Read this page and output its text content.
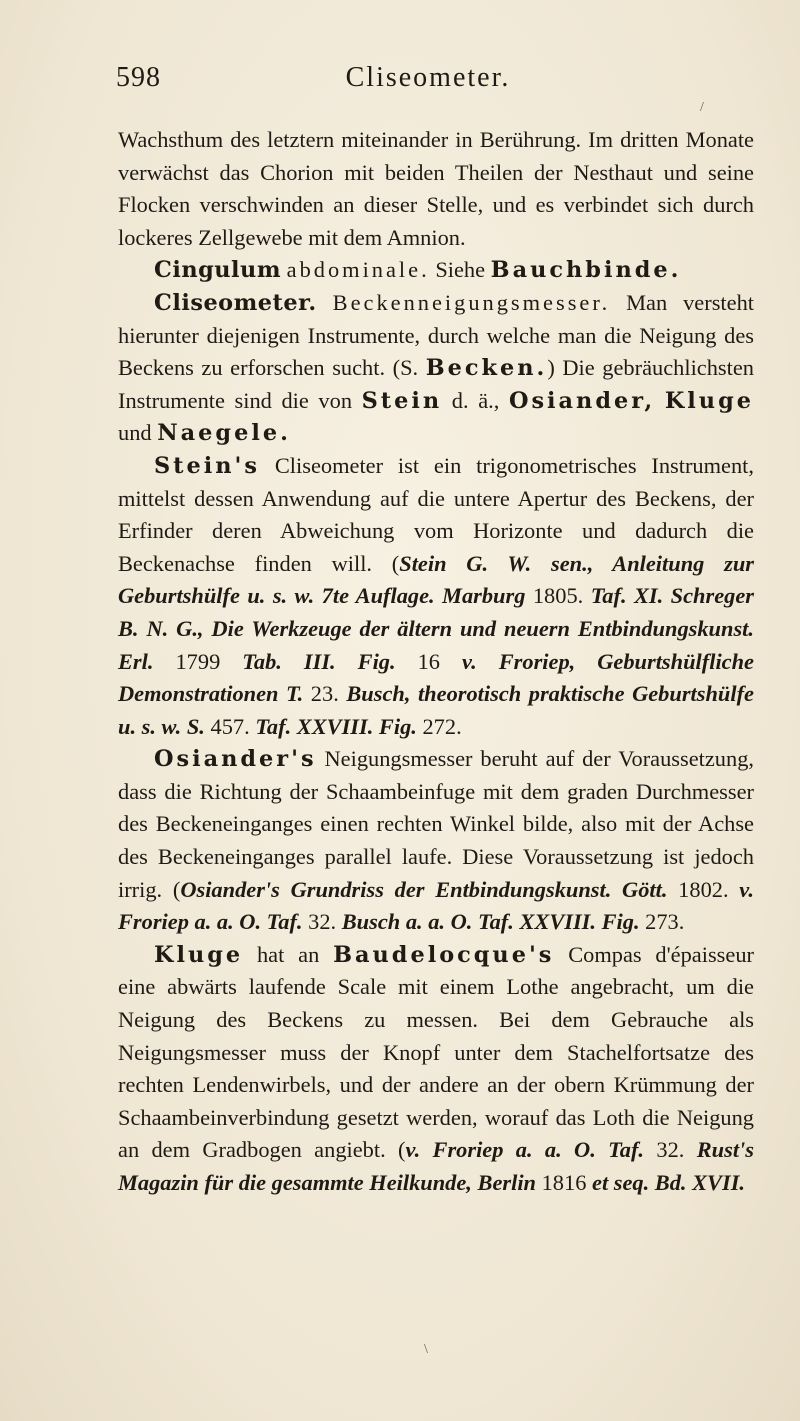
598	Cliseometer.
/
\

Wachsthum des letztern miteinander in Berührung. Im dritten Monate verwächst das Chorion mit beiden Theilen der Nesthaut und seine Flocken verschwinden an dieser Stelle, und es verbindet sich durch lockeres Zellgewebe mit dem Amnion.

Cingulum abdominale. Siehe Bauchbinde.

Cliseometer. Beckenneigungsmesser. Man versteht hierunter diejenigen Instrumente, durch welche man die Neigung des Beckens zu erforschen sucht. (S. Becken.) Die gebräuchlichsten Instrumente sind die von Stein d. ä., Osiander, Kluge und Naegele.

Stein's Cliseometer ist ein trigonometrisches Instrument, mittelst dessen Anwendung auf die untere Apertur des Beckens, der Erfinder deren Abweichung vom Horizonte und dadurch die Beckenachse finden will. (Stein G. W. sen., Anleitung zur Geburtshülfe u. s. w. 7te Auflage. Marburg 1805. Taf. XI. Schreger B. N. G., Die Werkzeuge der ältern und neuern Entbindungskunst. Erl. 1799 Tab. III. Fig. 16 v. Froriep, Geburtshülfliche Demonstrationen T. 23. Busch, theorotisch praktische Geburtshülfe u. s. w. S. 457. Taf. XXVIII. Fig. 272.

Osiander's Neigungsmesser beruht auf der Voraussetzung, dass die Richtung der Schaambeinfuge mit dem graden Durchmesser des Beckeneinganges einen rechten Winkel bilde, also mit der Achse des Beckeneinganges parallel laufe. Diese Voraussetzung ist jedoch irrig. (Osiander's Grundriss der Entbindungskunst. Gött. 1802. v. Froriep a. a. O. Taf. 32. Busch a. a. O. Taf. XXVIII. Fig. 273.

Kluge hat an Baudelocque's Compas d'épaisseur eine abwärts laufende Scale mit einem Lothe angebracht, um die Neigung des Beckens zu messen. Bei dem Gebrauche als Neigungsmesser muss der Knopf unter dem Stachelfortsatze des rechten Lendenwirbels, und der andere an der obern Krümmung der Schaambeinverbindung gesetzt werden, worauf das Loth die Neigung an dem Gradbogen angiebt. (v. Froriep a. a. O. Taf. 32. Rust's Magazin für die gesammte Heilkunde, Berlin 1816 et seq. Bd. XVII.
